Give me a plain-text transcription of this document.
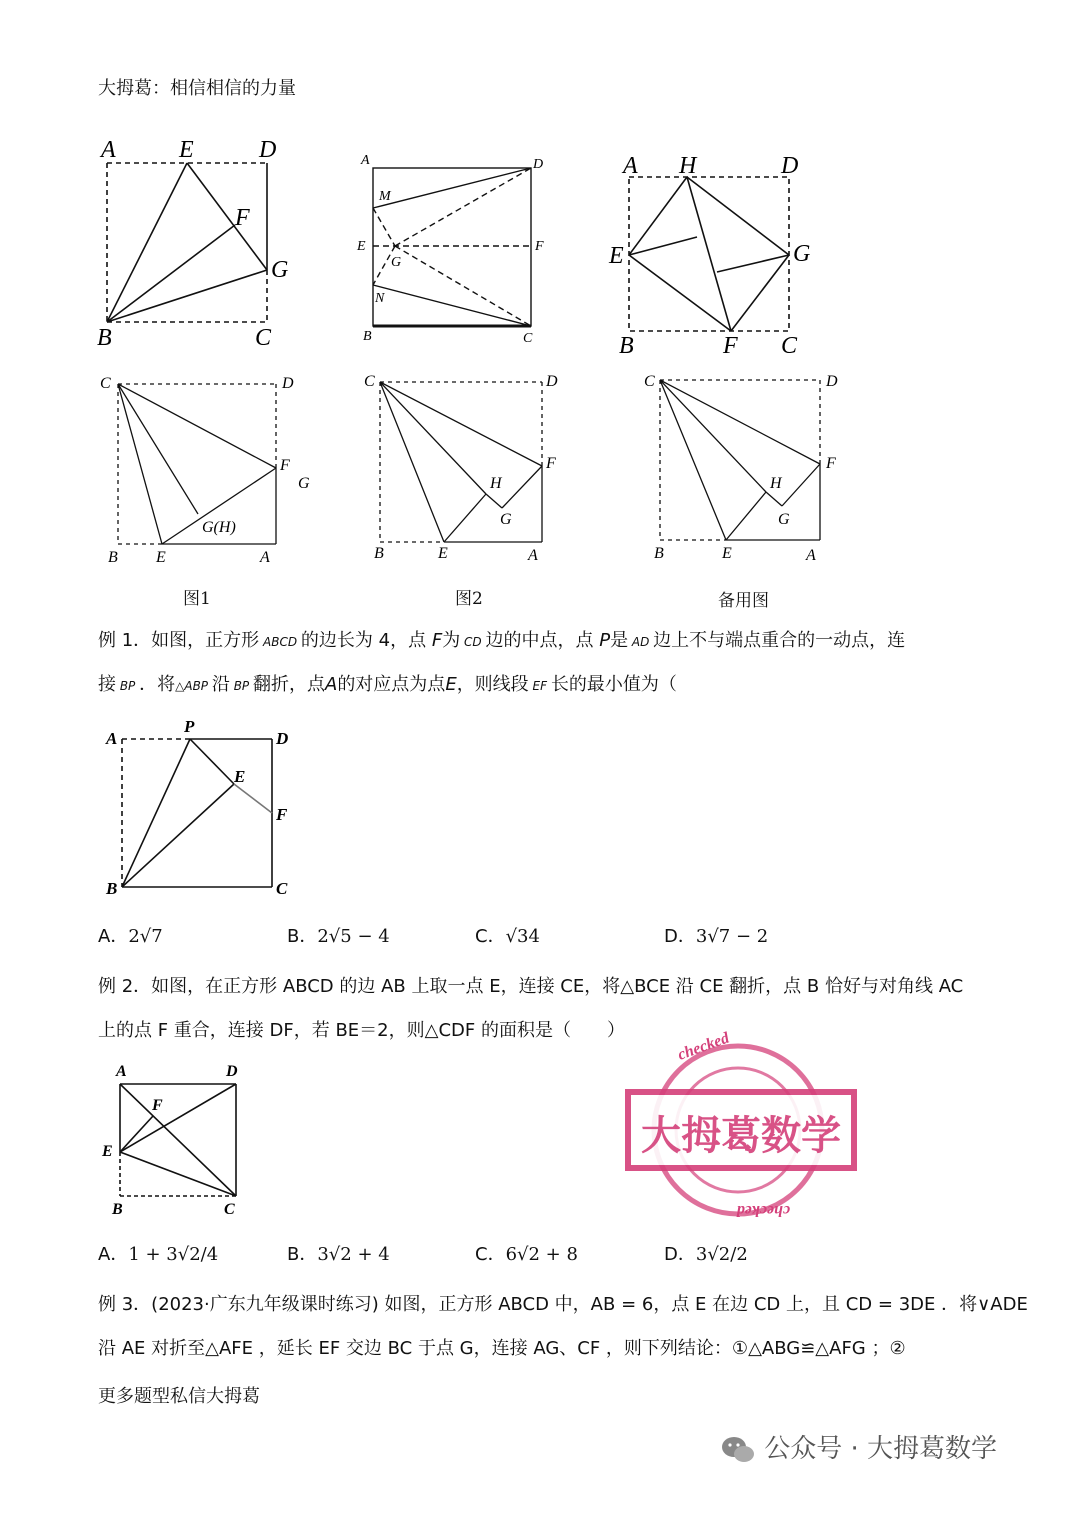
大拇葛：相信相信的力量
A	E	D
F
G
B	C
A	D
M
E
G
F
N
B	C
A H	D
E	G
B	F C
C	D
F
G
G(H)
B E	A
C	D
F
H
G
B	E	A
C	D
F
H
G
B	E	A
图1	图2	备用图
例 1．如图，正方形 ABCD 的边长为 4，点 F为 CD 边的中点，点 P是 AD 边上不与端点重合的一动点，连
接 BP ．将△ABP 沿 BP 翻折，点A的对应点为点E，则线段 EF 长的最小值为（
A
P
D
E
F
B	C
A．2√7	B．2√5 − 4	C．√34	D．3√7 − 2
例 2．如图，在正方形 ABCD 的边 AB 上取一点 E，连接 CE，将△BCE 沿 CE 翻折，点 B 恰好与对角线 AC
上的点 F 重合，连接 DF，若 BE＝2，则△CDF 的面积是（　　）
A	D
F
E
B	C
A．1 + 3√2/4	B．3√2 + 4	C．6√2 + 8	D．3√2/2
checked
checked
大拇葛数学
例 3．(2023·广东九年级课时练习) 如图，正方形 ABCD 中，AB = 6，点 E 在边 CD 上，且 CD = 3DE ．将∨ADE
沿 AE 对折至△AFE ，延长 EF 交边 BC 于点 G，连接 AG、CF ，则下列结论：①△ABG≌△AFG ；②
更多题型私信大拇葛
公众号 · 大拇葛数学
